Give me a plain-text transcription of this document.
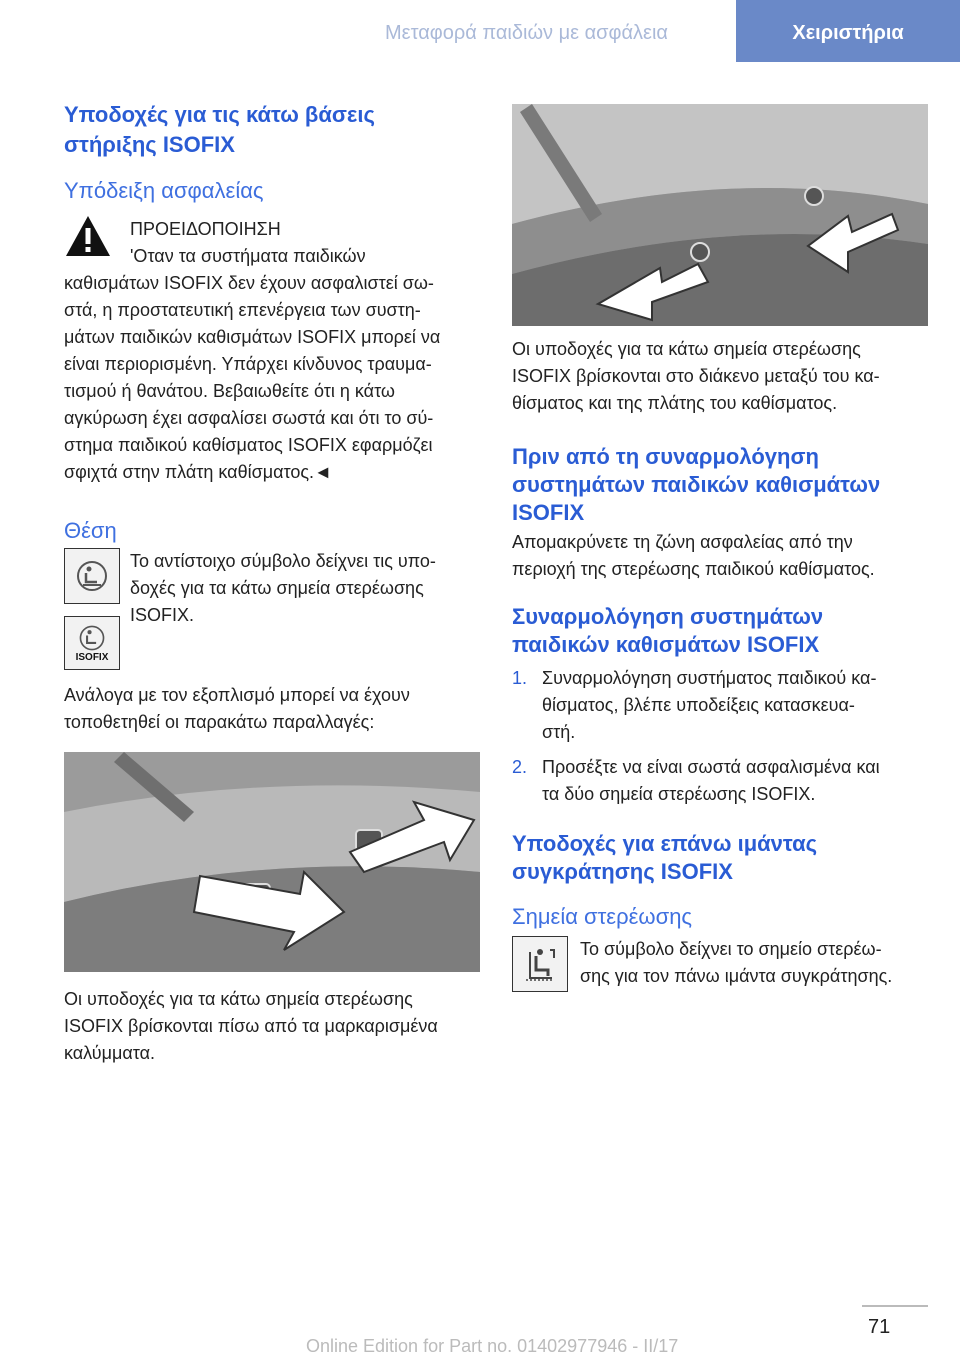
Μεταφορά παιδιών με ασφάλεια	Χειριστήρια
Υποδοχές για τις κάτω βάσεις
στήριξης ISOFIX
Υπόδειξη ασφαλείας
ΠΡΟΕΙΔΟΠΟΙΗΣΗ
'Οταν τα συστήματα παιδικών
καθισμάτων ISOFIX δεν έχουν ασφαλιστεί σω-
στά, η προστατευτική επενέργεια των συστη-
μάτων παιδικών καθισμάτων ISOFIX μπορεί να
είναι περιορισμένη. Υπάρχει κίνδυνος τραυμα-
τισμού ή θανάτου. Βεβαιωθείτε ότι η κάτω
αγκύρωση έχει ασφαλίσει σωστά και ότι το σύ-
στημα παιδικού καθίσματος ISOFIX εφαρμόζει
σφιχτά στην πλάτη καθίσματος.◄
Θέση
ISOFIX
Το αντίστοιχο σύμβολο δείχνει τις υπο-
δοχές για τα κάτω σημεία στερέωσης
ISOFIX.
Ανάλογα με τον εξοπλισμό μπορεί να έχουν
τοποθετηθεί οι παρακάτω παραλλαγές:
Οι υποδοχές για τα κάτω σημεία στερέωσης
ISOFIX βρίσκονται πίσω από τα μαρκαρισμένα
καλύμματα.
Οι υποδοχές για τα κάτω σημεία στερέωσης
ISOFIX βρίσκονται στο διάκενο μεταξύ του κα-
θίσματος και της πλάτης του καθίσματος.
Πριν από τη συναρμολόγηση
συστημάτων παιδικών καθισμάτων
ISOFIX
Απομακρύνετε τη ζώνη ασφαλείας από την
περιοχή της στερέωσης παιδικού καθίσματος.
Συναρμολόγηση συστημάτων
παιδικών καθισμάτων ISOFIX
1. Συναρμολόγηση συστήματος παιδικού κα-
θίσματος, βλέπε υποδείξεις κατασκευα-
στή.
2. Προσέξτε να είναι σωστά ασφαλισμένα και
τα δύο σημεία στερέωσης ISOFIX.
Υποδοχές για επάνω ιμάντας
συγκράτησης ISOFIX
Σημεία στερέωσης
Το σύμβολο δείχνει το σημείο στερέω-
σης για τον πάνω ιμάντα συγκράτησης.
71
Online Edition for Part no. 01402977946 - II/17
